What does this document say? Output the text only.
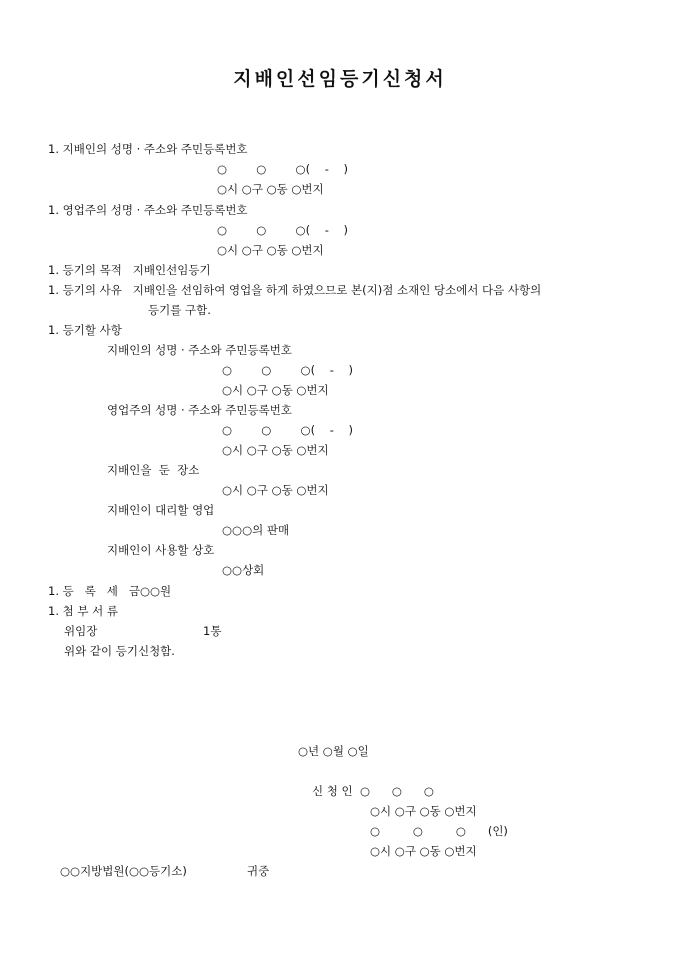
지배인선임등기신청서
1. 지배인의 성명 · 주소와 주민등록번호
○        ○        ○(    -    )
○시 ○구 ○동 ○번지
1. 영업주의 성명 · 주소와 주민등록번호
○        ○        ○(    -    )
○시 ○구 ○동 ○번지
1. 등기의 목적   지배인선임등기
1. 등기의 사유   지배인을 선임하여 영업을 하게 하였으므로 본(지)점 소재인 당소에서 다음 사항의
등기를 구함.
1. 등기할 사항
지배인의 성명 · 주소와 주민등록번호
○        ○        ○(    -    )
○시 ○구 ○동 ○번지
영업주의 성명 · 주소와 주민등록번호
○        ○        ○(    -    )
○시 ○구 ○동 ○번지
지배인을  둔  장소
○시 ○구 ○동 ○번지
지배인이 대리할 영업
○○○의 판매
지배인이 사용할 상호
○○상회
1. 등   록   세   금○○원
1. 첨 부 서 류
위임장	1통
위와 같이 등기신청함.
○년 ○월 ○일
신 청 인  ○      ○      ○
○시 ○구 ○동 ○번지
○         ○         ○      (인)
○시 ○구 ○동 ○번지
○○지방법원(○○등기소)	귀중
